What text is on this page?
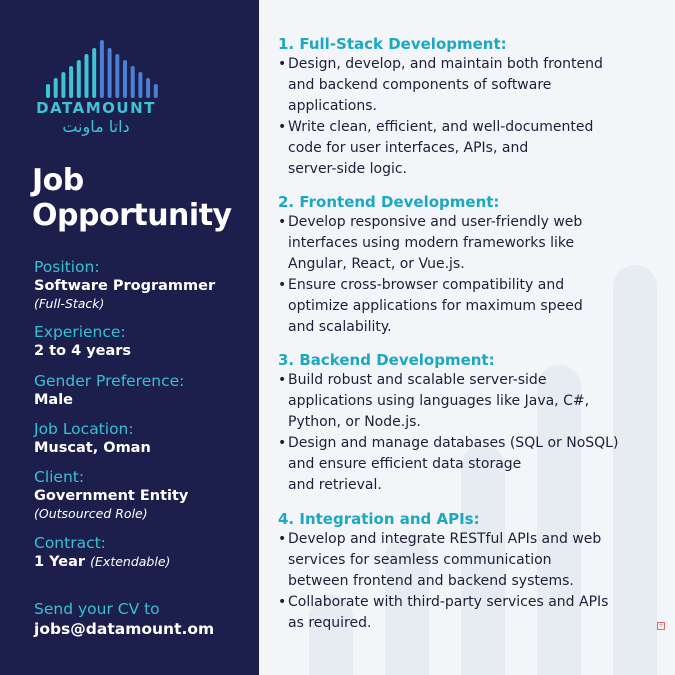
DATAMOUNT
داتا ماونت
Job
Opportunity
Position:
Software Programmer
(Full-Stack)
Experience:
2 to 4 years
Gender Preference:
Male
Job Location:
Muscat, Oman
Client:
Government Entity
(Outsourced Role)
Contract:
1 Year (Extendable)
Send your CV to
jobs@datamount.om
1. Full-Stack Development:
• Design, develop, and maintain both frontend
and backend components of software
applications.
• Write clean, efficient, and well-documented
code for user interfaces, APIs, and
server-side logic.
2. Frontend Development:
• Develop responsive and user-friendly web
interfaces using modern frameworks like
Angular, React, or Vue.js.
• Ensure cross-browser compatibility and
optimize applications for maximum speed
and scalability.
3. Backend Development:
• Build robust and scalable server-side
applications using languages like Java, C#,
Python, or Node.js.
• Design and manage databases (SQL or NoSQL)
and ensure efficient data storage
and retrieval.
4. Integration and APIs:
• Develop and integrate RESTful APIs and web
services for seamless communication
between frontend and backend systems.
• Collaborate with third-party services and APIs
as required.	+
